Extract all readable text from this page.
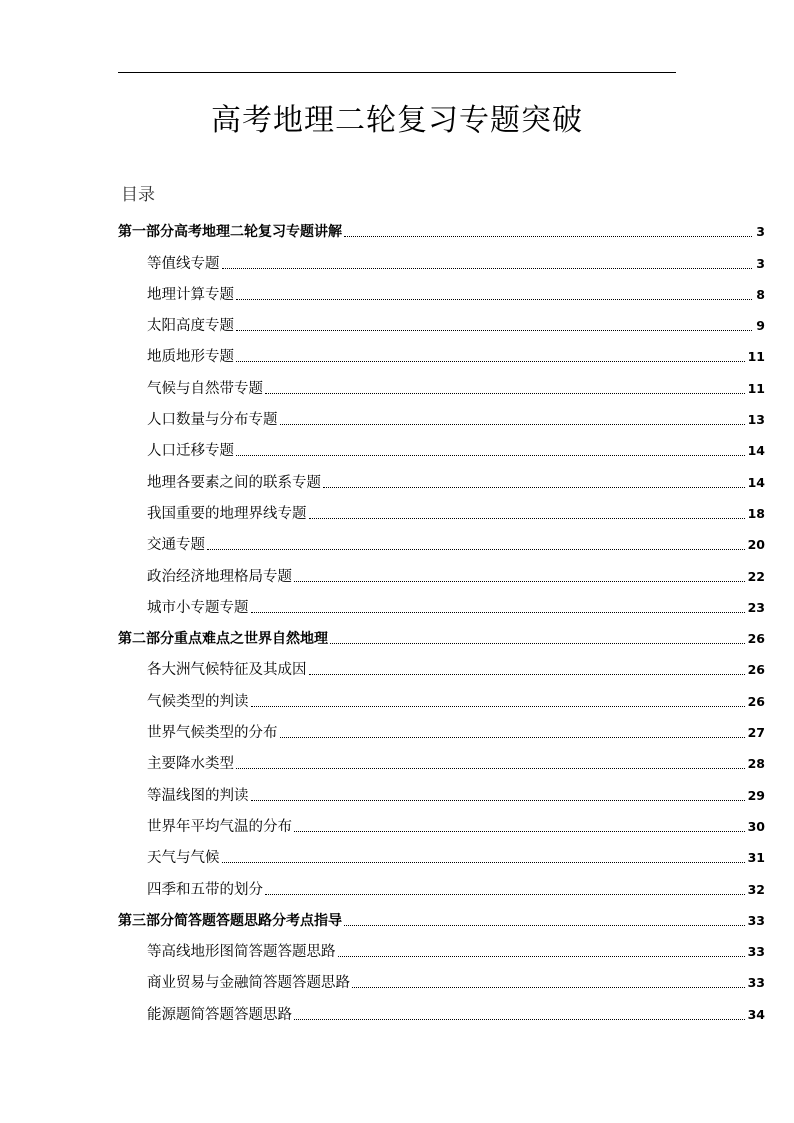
高考地理二轮复习专题突破
目录
第一部分高考地理二轮复习专题讲解	3
等值线专题	3
地理计算专题	8
太阳高度专题	9
地质地形专题	11
气候与自然带专题	11
人口数量与分布专题	13
人口迁移专题	14
地理各要素之间的联系专题	14
我国重要的地理界线专题	18
交通专题	20
政治经济地理格局专题	22
城市小专题专题	23
第二部分重点难点之世界自然地理	26
各大洲气候特征及其成因	26
气候类型的判读	26
世界气候类型的分布	27
主要降水类型	28
等温线图的判读	29
世界年平均气温的分布	30
天气与气候	31
四季和五带的划分	32
第三部分简答题答题思路分考点指导	33
等高线地形图简答题答题思路	33
商业贸易与金融简答题答题思路	33
能源题简答题答题思路	34
